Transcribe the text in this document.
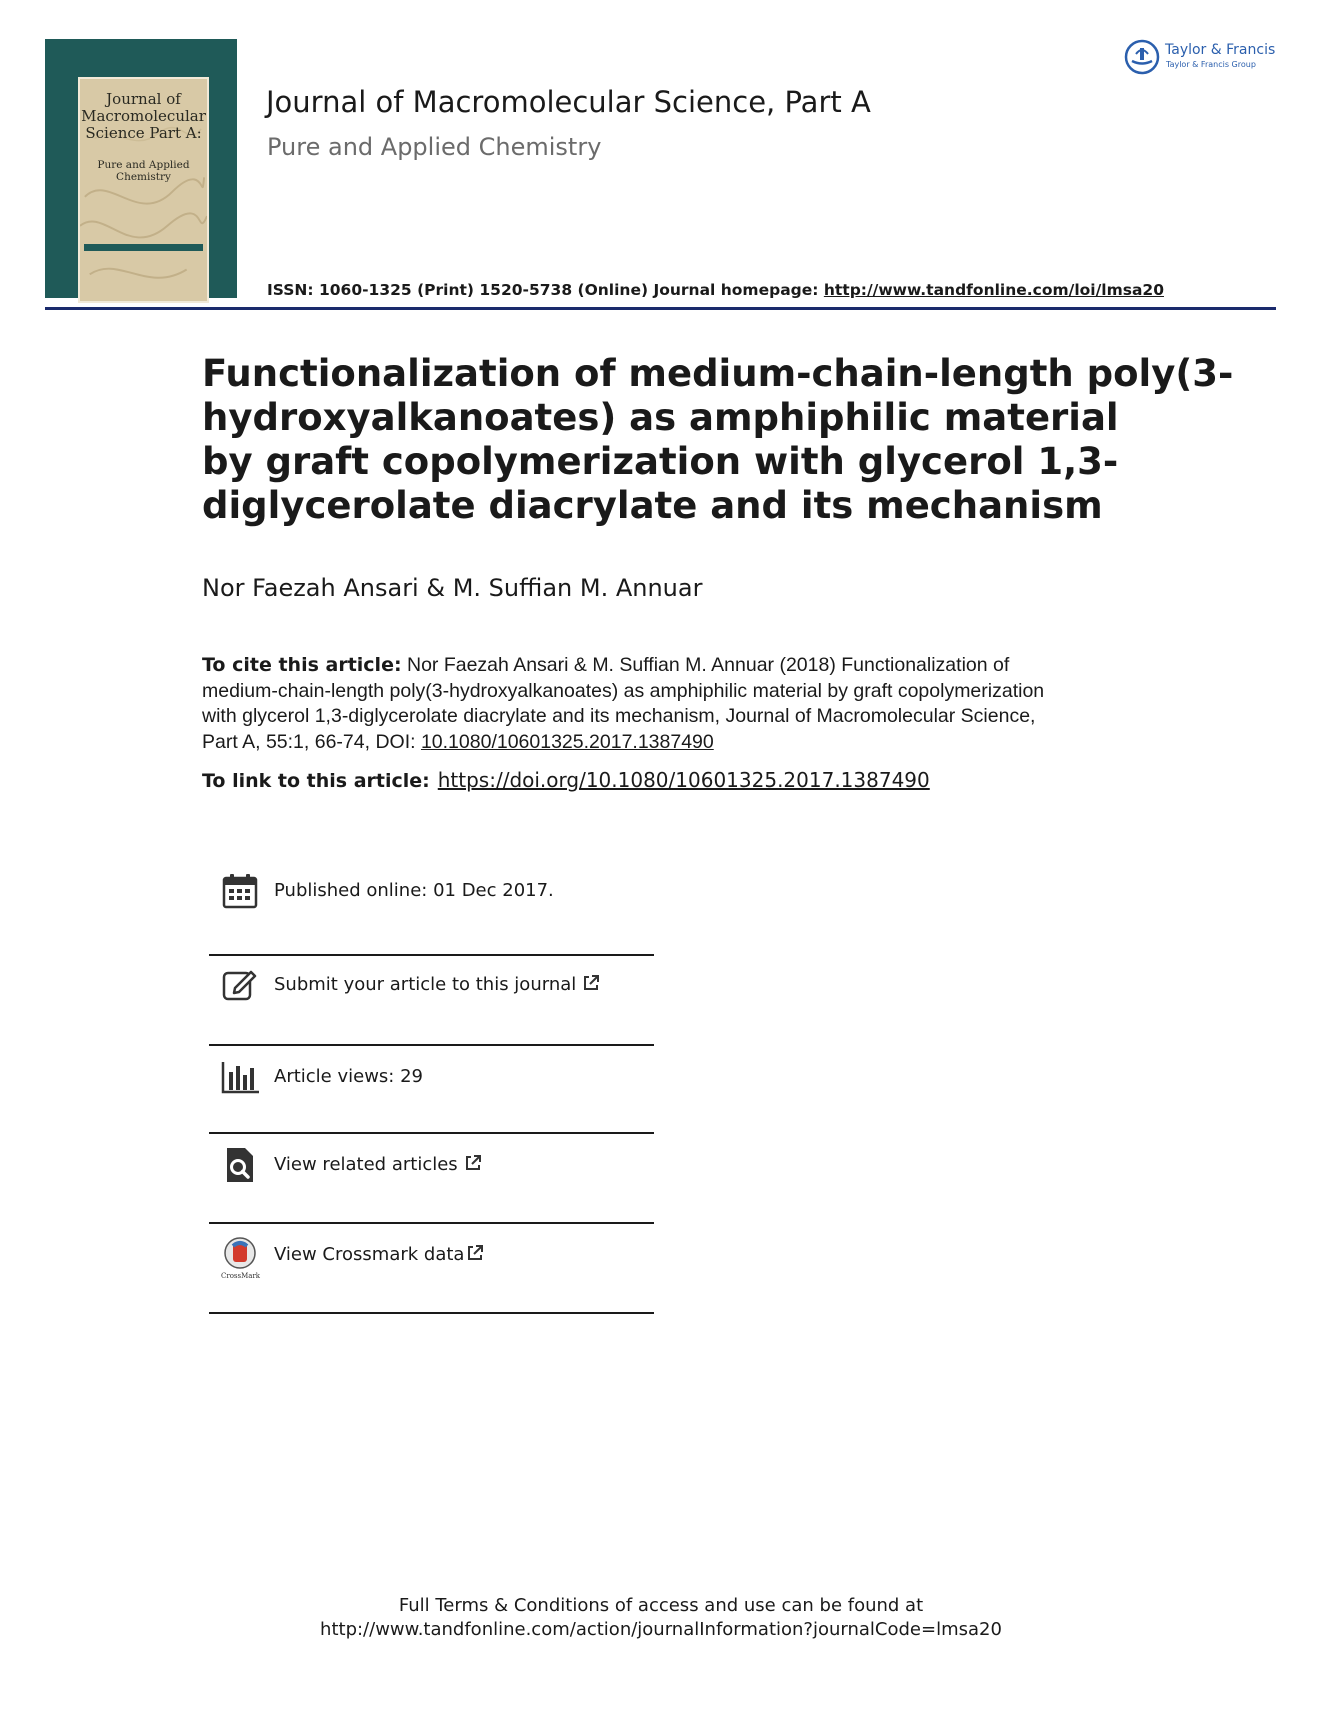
Journal of
Macromolecular
Science Part A:
Pure and Applied Chemistry
Journal of Macromolecular Science, Part A
Pure and Applied Chemistry
ISSN: 1060-1325 (Print) 1520-5738 (Online) Journal homepage: http://www.tandfonline.com/loi/lmsa20
Taylor & Francis
Taylor & Francis Group
Functionalization of medium-chain-length poly(3-
hydroxyalkanoates) as amphiphilic material
by graft copolymerization with glycerol 1,3-
diglycerolate diacrylate and its mechanism
Nor Faezah Ansari & M. Suffian M. Annuar
To cite this article: Nor Faezah Ansari & M. Suffian M. Annuar (2018) Functionalization of
medium-chain-length poly(3-hydroxyalkanoates) as amphiphilic material by graft copolymerization
with glycerol 1,3-diglycerolate diacrylate and its mechanism, Journal of Macromolecular Science,
Part A, 55:1, 66-74, DOI: 10.1080/10601325.2017.1387490
To link to this article: https://doi.org/10.1080/10601325.2017.1387490
Published online: 01 Dec 2017.
Submit your article to this journal
Article views: 29
View related articles
CrossMark
View Crossmark data
Full Terms & Conditions of access and use can be found at
http://www.tandfonline.com/action/journalInformation?journalCode=lmsa20
